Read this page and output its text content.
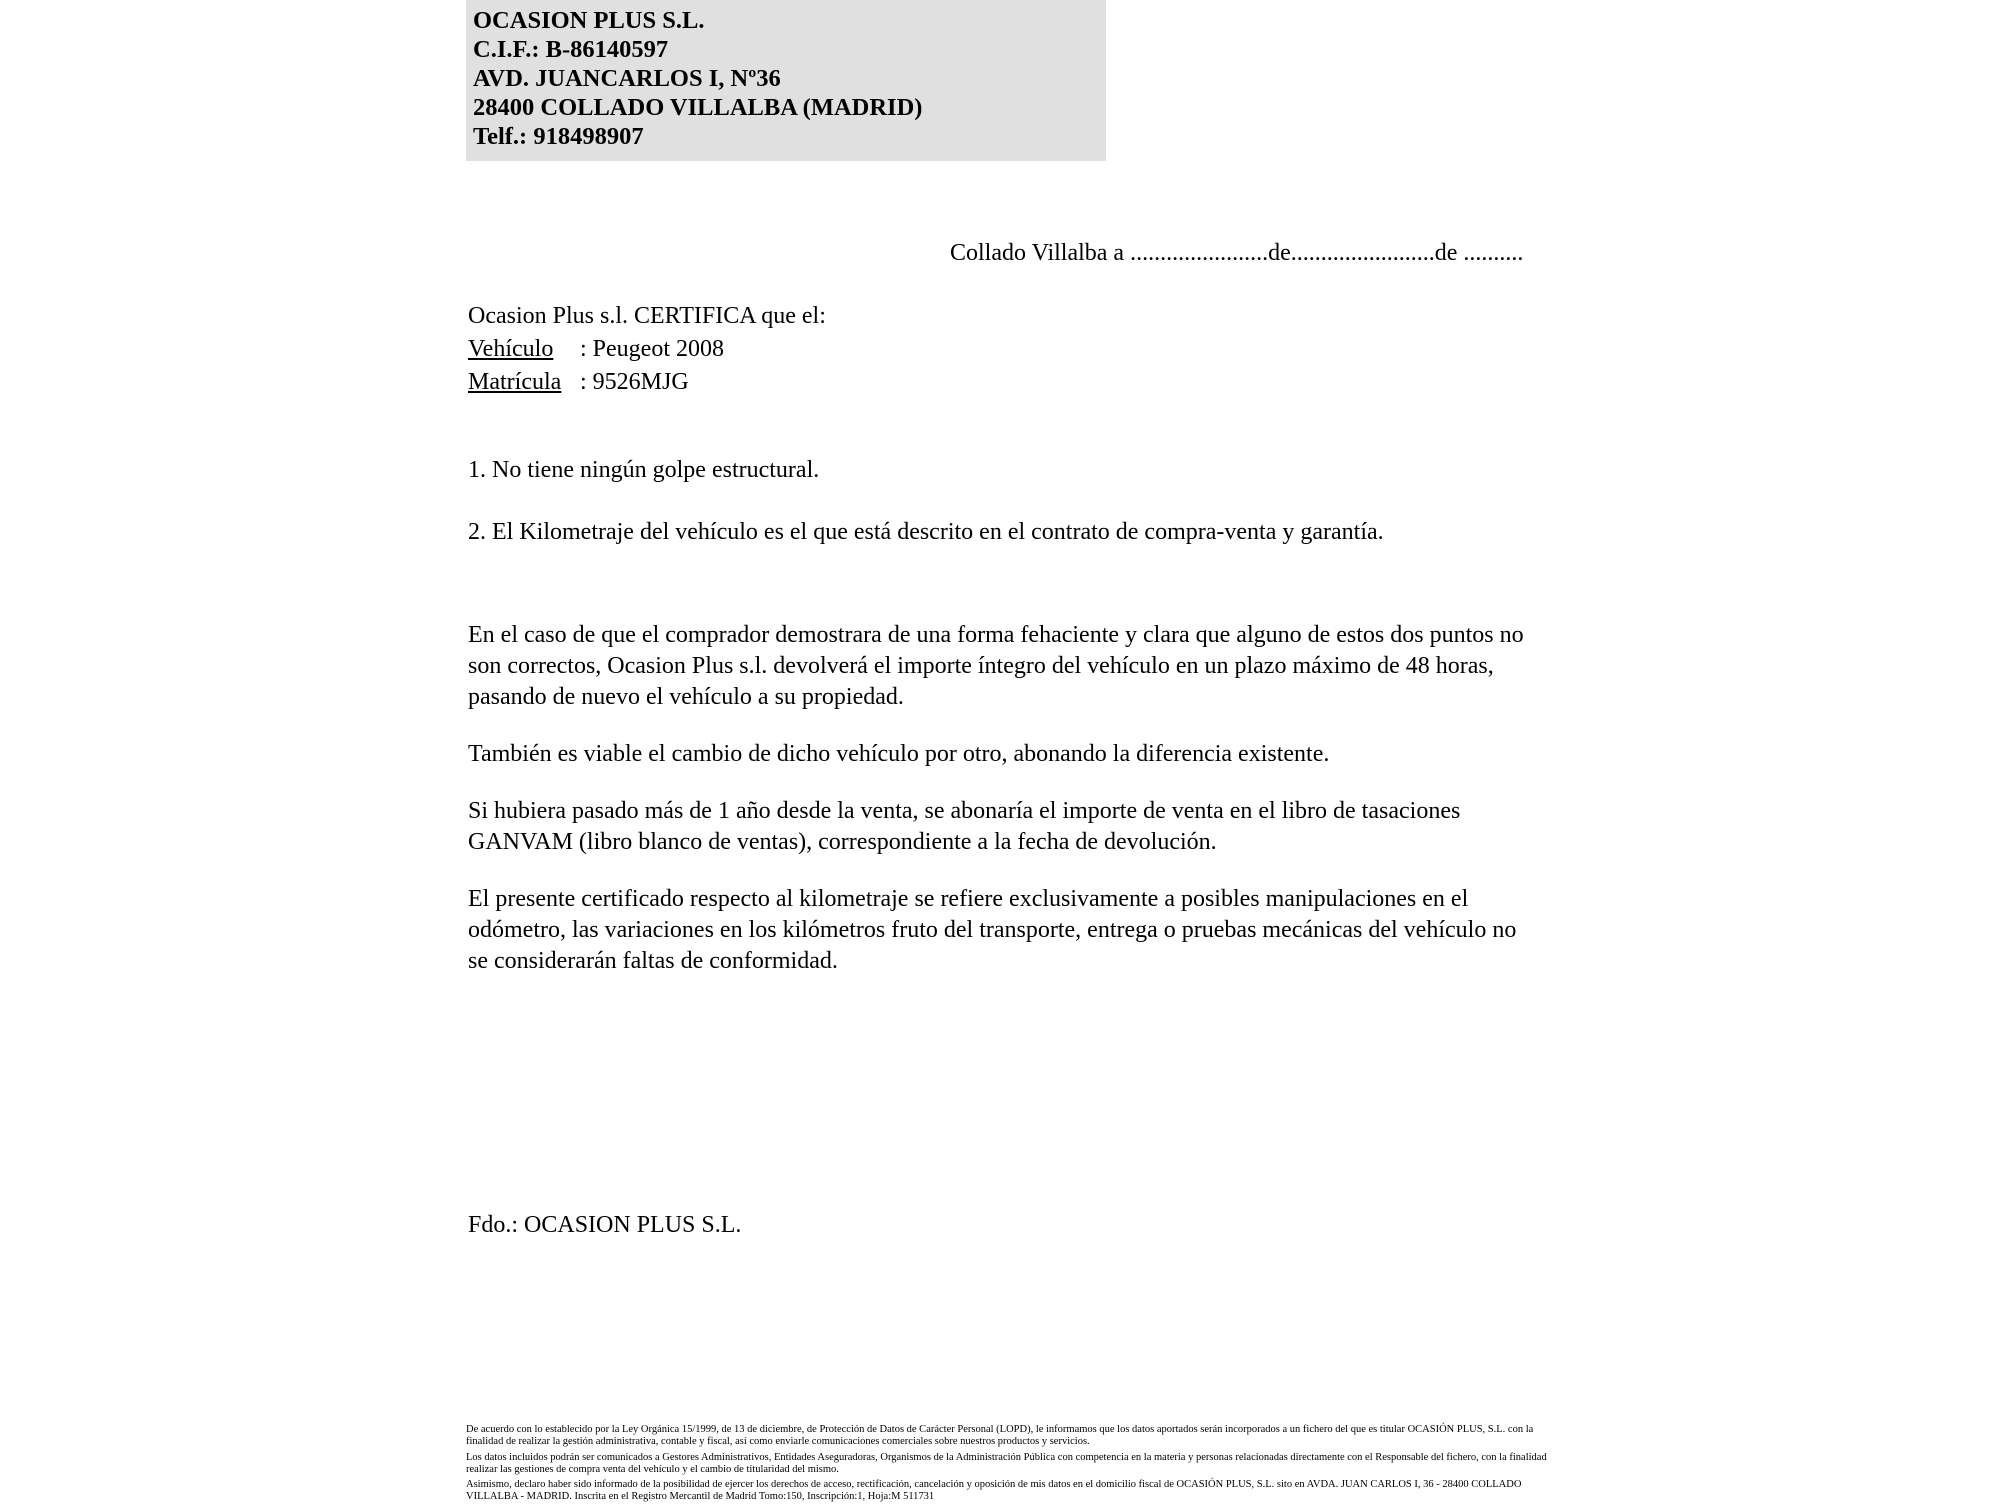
OCASION PLUS S.L.
C.I.F.: B-86140597
AVD. JUANCARLOS I, Nº36
28400 COLLADO VILLALBA (MADRID)
Telf.: 918498907
Collado Villalba a .......................de........................de ..........
Ocasion Plus s.l. CERTIFICA que el:
Vehículo : Peugeot 2008
Matrícula : 9526MJG

1. No tiene ningún golpe estructural.

2. El Kilometraje del vehículo es el que está descrito en el contrato de compra-venta y garantía.

En el caso de que el comprador demostrara de una forma fehaciente y clara que alguno de estos dos puntos no son correctos, Ocasion Plus s.l. devolverá el importe íntegro del vehículo en un plazo máximo de 48 horas, pasando de nuevo el vehículo a su propiedad.

También es viable el cambio de dicho vehículo por otro, abonando la diferencia existente.

Si hubiera pasado más de 1 año desde la venta, se abonaría el importe de venta en el libro de tasaciones GANVAM (libro blanco de ventas), correspondiente a la fecha de devolución.

El presente certificado respecto al kilometraje se refiere exclusivamente a posibles manipulaciones en el odómetro, las variaciones en los kilómetros fruto del transporte, entrega o pruebas mecánicas del vehículo no se considerarán faltas de conformidad.

Fdo.: OCASION PLUS S.L.

De acuerdo con lo establecido por la Ley Orgánica 15/1999, de 13 de diciembre, de Protección de Datos de Carácter Personal (LOPD), le informamos que los datos aportados serán incorporados a un fichero del que es titular OCASIÓN PLUS, S.L. con la finalidad de realizar la gestión administrativa, contable y fiscal, así como enviarle comunicaciones comerciales sobre nuestros productos y servicios.

Los datos incluidos podrán ser comunicados a Gestores Administrativos, Entidades Aseguradoras, Organismos de la Administración Pública con competencia en la materia y personas relacionadas directamente con el Responsable del fichero, con la finalidad realizar las gestiones de compra venta del vehículo y el cambio de titularidad del mismo.

Asimismo, declaro haber sido informado de la posibilidad de ejercer los derechos de acceso, rectificación, cancelación y oposición de mis datos en el domicilio fiscal de OCASIÓN PLUS, S.L. sito en AVDA. JUAN CARLOS I, 36 - 28400 COLLADO VILLALBA - MADRID. Inscrita en el Registro Mercantil de Madrid Tomo:150, Inscripción:1, Hoja:M 511731
